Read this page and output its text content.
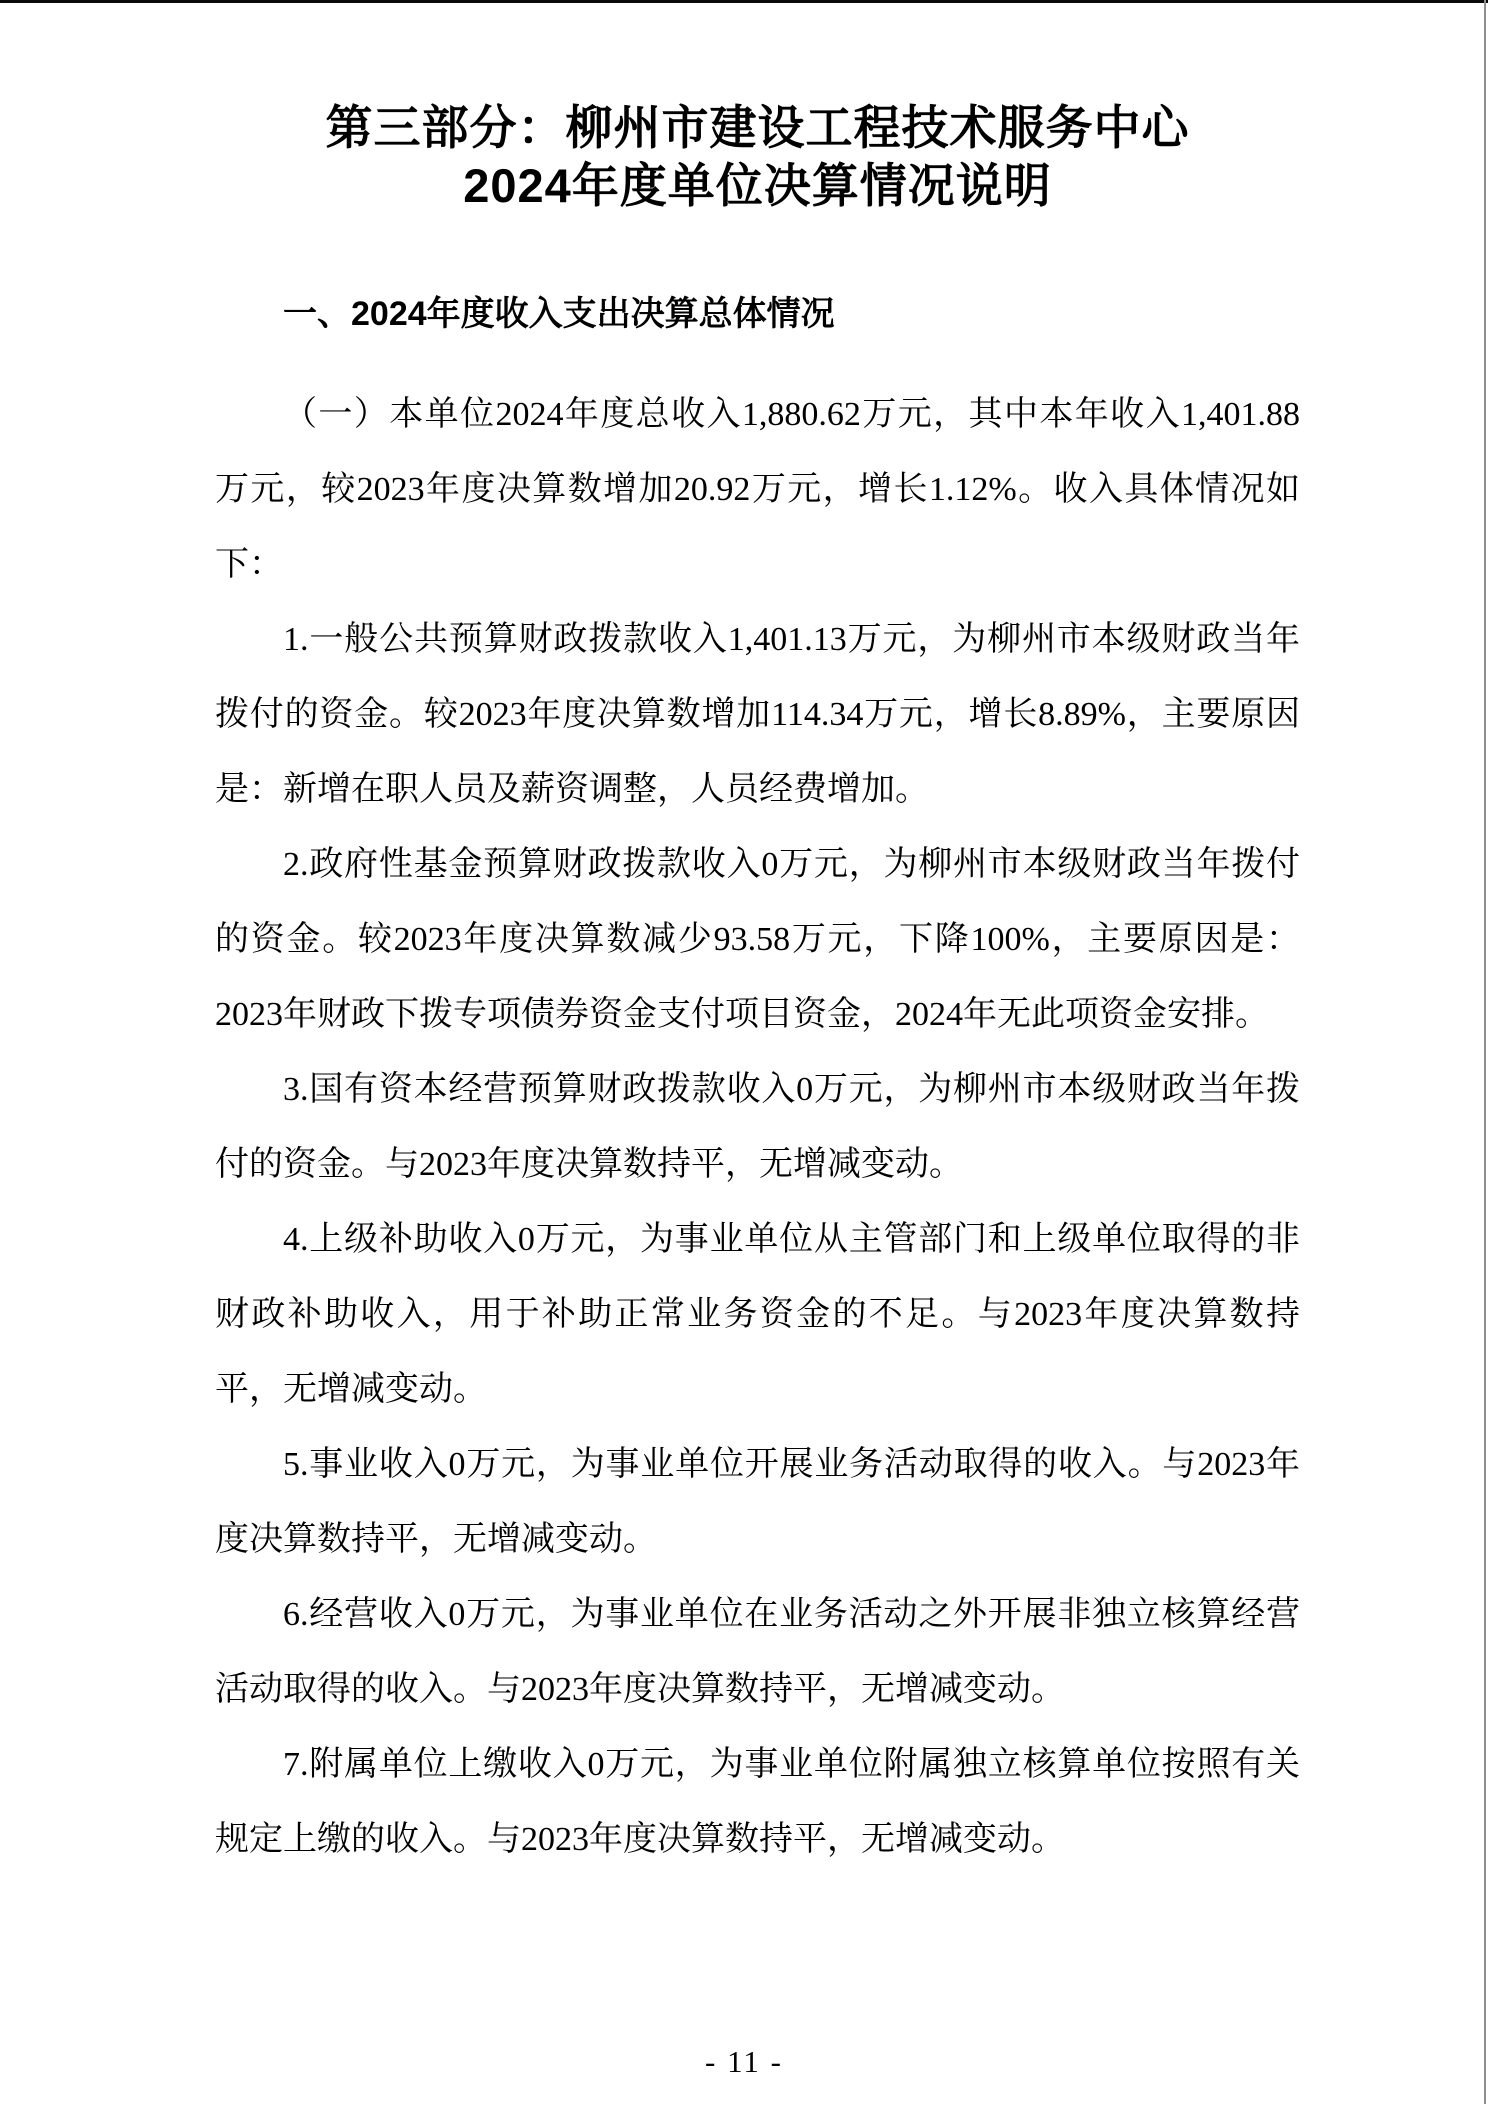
第三部分：柳州市建设工程技术服务中心
2024年度单位决算情况说明
一、2024年度收入支出决算总体情况

（一）本单位2024年度总收入1,880.62万元，其中本年收入1,401.88万元，较2023年度决算数增加20.92万元，增长1.12%。收入具体情况如下：

1.一般公共预算财政拨款收入1,401.13万元，为柳州市本级财政当年拨付的资金。较2023年度决算数增加114.34万元，增长8.89%，主要原因是：新增在职人员及薪资调整，人员经费增加。

2.政府性基金预算财政拨款收入0万元，为柳州市本级财政当年拨付的资金。较2023年度决算数减少93.58万元，下降100%，主要原因是：2023年财政下拨专项债券资金支付项目资金，2024年无此项资金安排。

3.国有资本经营预算财政拨款收入0万元，为柳州市本级财政当年拨付的资金。与2023年度决算数持平，无增减变动。

4.上级补助收入0万元，为事业单位从主管部门和上级单位取得的非财政补助收入，用于补助正常业务资金的不足。与2023年度决算数持平，无增减变动。

5.事业收入0万元，为事业单位开展业务活动取得的收入。与2023年度决算数持平，无增减变动。

6.经营收入0万元，为事业单位在业务活动之外开展非独立核算经营活动取得的收入。与2023年度决算数持平，无增减变动。

7.附属单位上缴收入0万元，为事业单位附属独立核算单位按照有关规定上缴的收入。与2023年度决算数持平，无增减变动。

- 11 -
